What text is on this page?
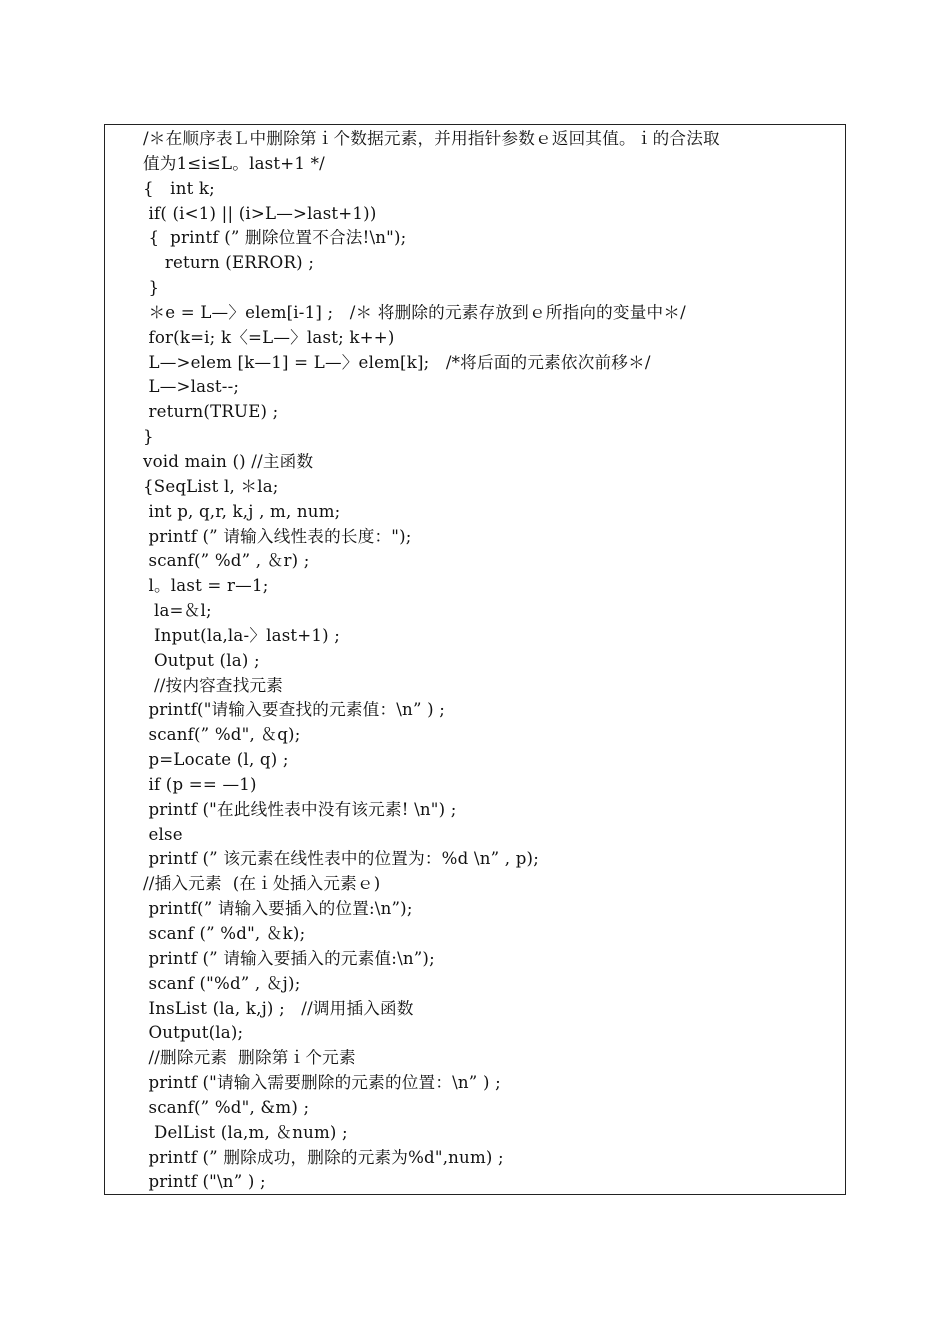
/＊在顺序表Ｌ中删除第ｉ个数据元素，并用指针参数ｅ返回其值。ｉ的合法取
值为1≤i≤L。last+1 */
{   int k;
if( (i<1) || (i>L—>last+1))
{  printf (” 删除位置不合法!\n");
return (ERROR) ;
}
＊e = L—〉elem[i-1] ;   /＊ 将删除的元素存放到ｅ所指向的变量中＊/
for(k=i; k〈=L—〉last; k++)
L—>elem [k—1] = L—〉elem[k];   /*将后面的元素依次前移＊/
L—>last--;
return(TRUE) ;
}
void main () //主函数
{SeqList l, ＊la;
int p, q,r, k,j , m, num;
printf (” 请输入线性表的长度：");
scanf(” %d” , ＆r) ;
l。last = r—1;
la=＆l;
Input(la,la-〉last+1) ;
Output (la) ;
//按内容查找元素
printf("请输入要查找的元素值：\n” ) ;
scanf(” %d", ＆q);
p=Locate (l, q) ;
if (p == —1)
printf ("在此线性表中没有该元素! \n") ;
else
printf (” 该元素在线性表中的位置为：%d \n” , p);
//插入元素  (在ｉ处插入元素ｅ)
printf(” 请输入要插入的位置:\n”);
scanf (” %d", ＆k);
printf (” 请输入要插入的元素值:\n”);
scanf ("%d” , ＆j);
InsList (la, k,j) ;   //调用插入函数
Output(la);
//删除元素  删除第ｉ个元素
printf ("请输入需要删除的元素的位置：\n” ) ;
scanf(” %d", &m) ;
DelList (la,m, ＆num) ;
printf (” 删除成功，删除的元素为%d",num) ;
printf ("\n” ) ;
